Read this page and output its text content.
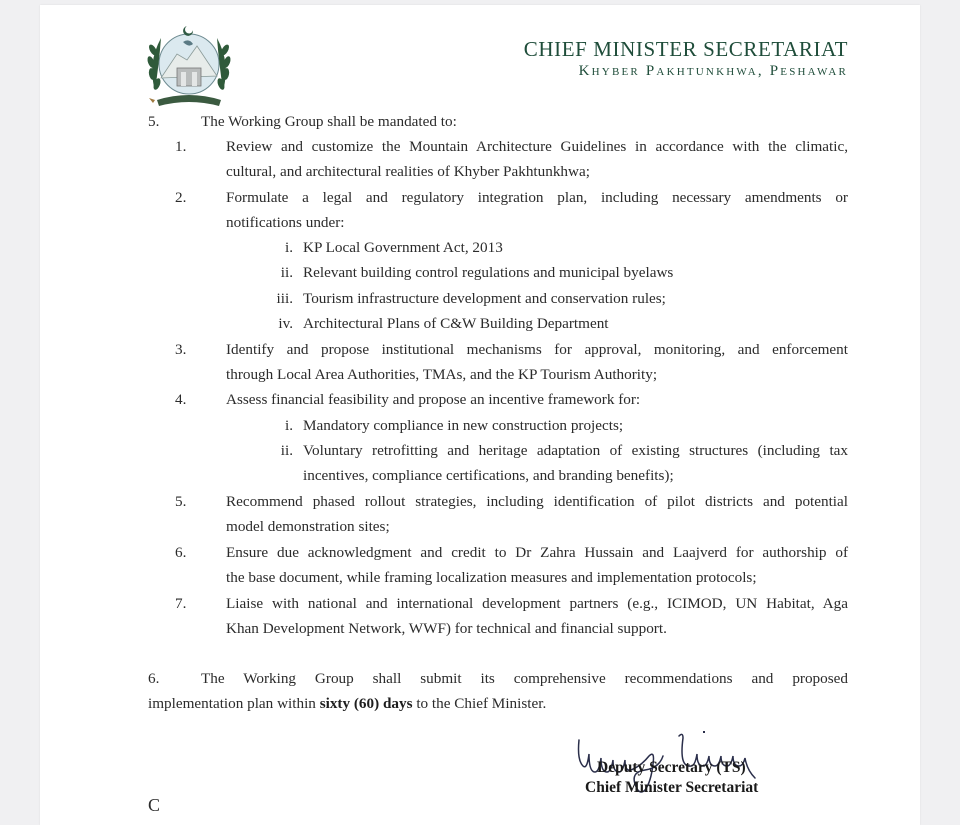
CHIEF MINISTER SECRETARIAT
Khyber Pakhtunkhwa, Peshawar
5.	The Working Group shall be mandated to:
1.	Review and customize the Mountain Architecture Guidelines in accordance with the climatic,
cultural, and architectural realities of Khyber Pakhtunkhwa;
2.	Formulate a legal and regulatory integration plan, including necessary amendments or
notifications under:
i. KP Local Government Act, 2013
ii. Relevant building control regulations and municipal byelaws
iii. Tourism infrastructure development and conservation rules;
iv. Architectural Plans of C&W Building Department
3.	Identify and propose institutional mechanisms for approval, monitoring, and enforcement
through Local Area Authorities, TMAs, and the KP Tourism Authority;
4.	Assess financial feasibility and propose an incentive framework for:
i. Mandatory compliance in new construction projects;
ii. Voluntary retrofitting and heritage adaptation of existing structures (including tax
incentives, compliance certifications, and branding benefits);
5.	Recommend phased rollout strategies, including identification of pilot districts and potential
model demonstration sites;
6.	Ensure due acknowledgment and credit to Dr Zahra Hussain and Laajverd for authorship of
the base document, while framing localization measures and implementation protocols;
7.	Liaise with national and international development partners (e.g., ICIMOD, UN Habitat, Aga
Khan Development Network, WWF) for technical and financial support.
6.	The Working Group shall submit its comprehensive recommendations and proposed
implementation plan within sixty (60) days to the Chief Minister.
Deputy Secretary (TS)
Chief Minister Secretariat
C
